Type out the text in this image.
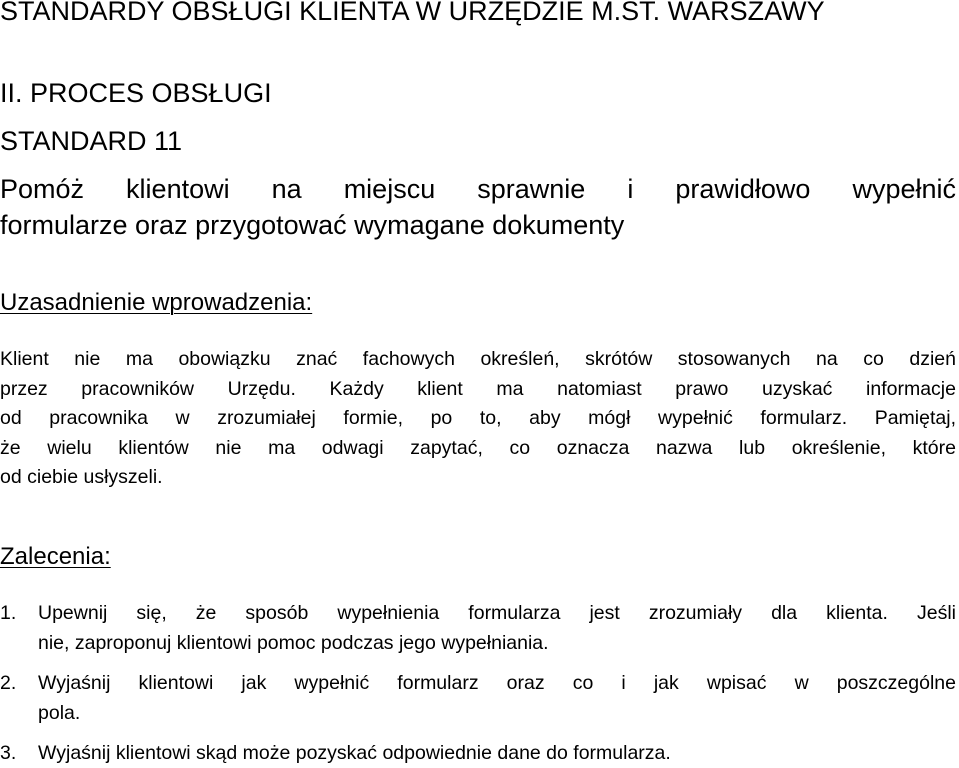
STANDARDY OBSŁUGI KLIENTA W URZĘDZIE M.ST. WARSZAWY
II. PROCES OBSŁUGI
STANDARD 11
Pomóż klientowi na miejscu sprawnie i prawidłowo wypełnić
formularze oraz przygotować wymagane dokumenty
Uzasadnienie wprowadzenia:
Klient nie ma obowiązku znać fachowych określeń, skrótów stosowanych na co dzień
przez pracowników Urzędu. Każdy klient ma natomiast prawo uzyskać informacje
od pracownika w zrozumiałej formie, po to, aby mógł wypełnić formularz. Pamiętaj,
że wielu klientów nie ma odwagi zapytać, co oznacza nazwa lub określenie, które
od ciebie usłyszeli.
Zalecenia:
1. Upewnij się, że sposób wypełnienia formularza jest zrozumiały dla klienta. Jeśli
nie, zaproponuj klientowi pomoc podczas jego wypełniania.
2. Wyjaśnij klientowi jak wypełnić formularz oraz co i jak wpisać w poszczególne
pola.
3. Wyjaśnij klientowi skąd może pozyskać odpowiednie dane do formularza.
